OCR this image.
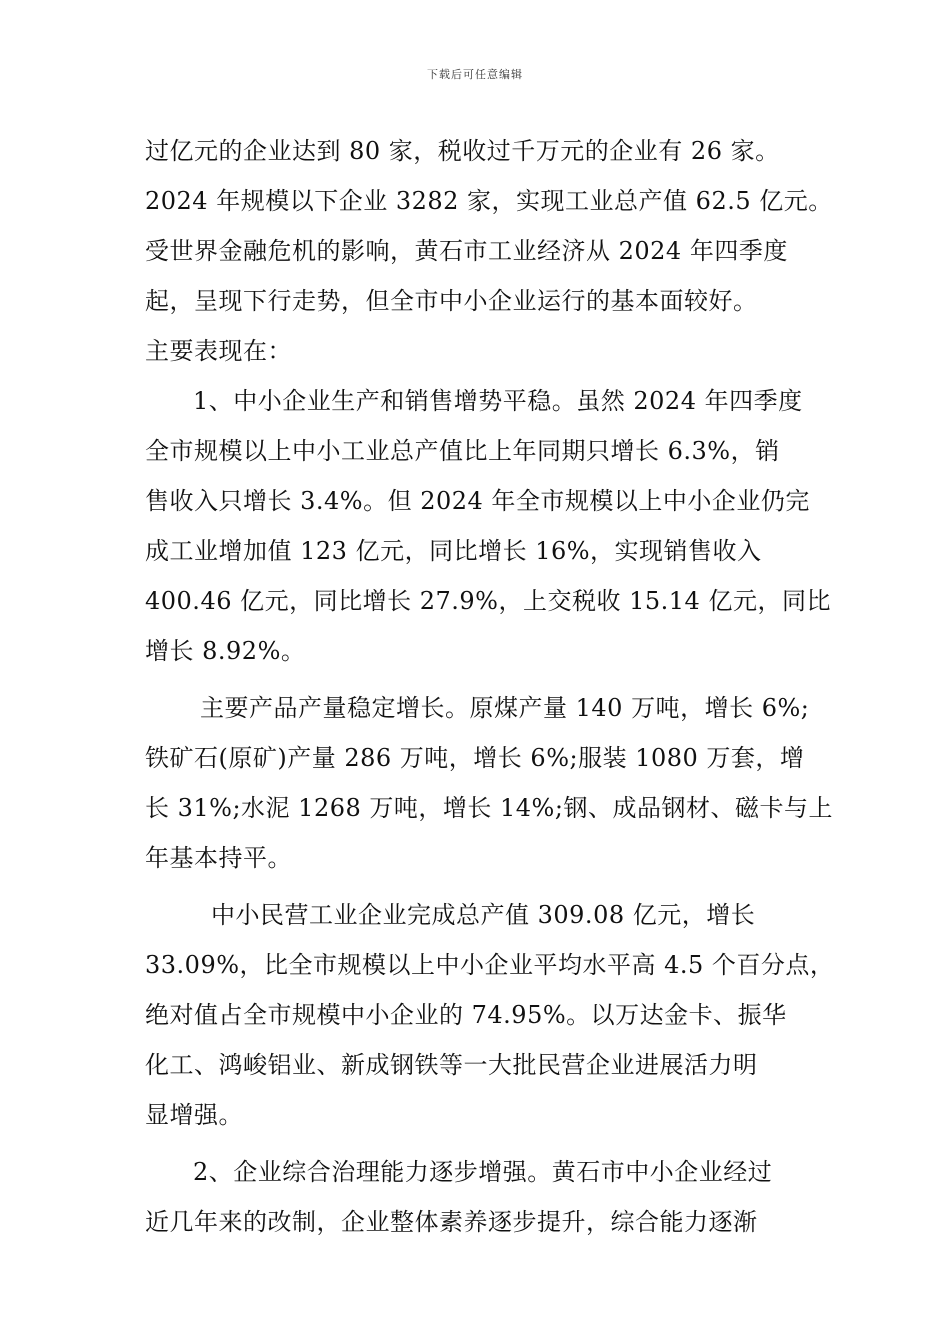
下载后可任意编辑
过亿元的企业达到 80 家，税收过千万元的企业有 26 家。
2024 年规模以下企业 3282 家，实现工业总产值 62.5 亿元。
受世界金融危机的影响，黄石市工业经济从 2024 年四季度
起，呈现下行走势，但全市中小企业运行的基本面较好。
主要表现在：
1、中小企业生产和销售增势平稳。虽然 2024 年四季度
全市规模以上中小工业总产值比上年同期只增长 6.3%，销
售收入只增长 3.4%。但 2024 年全市规模以上中小企业仍完
成工业增加值 123 亿元，同比增长 16%，实现销售收入
400.46 亿元，同比增长 27.9%，上交税收 15.14 亿元，同比
增长 8.92%。
主要产品产量稳定增长。原煤产量 140 万吨，增长 6%;
铁矿石(原矿)产量 286 万吨，增长 6%;服装 1080 万套，增
长 31%;水泥 1268 万吨，增长 14%;钢、成品钢材、磁卡与上
年基本持平。
中小民营工业企业完成总产值 309.08 亿元，增长
33.09%，比全市规模以上中小企业平均水平高 4.5 个百分点，
绝对值占全市规模中小企业的 74.95%。以万达金卡、振华
化工、鸿峻铝业、新成钢铁等一大批民营企业进展活力明
显增强。
2、企业综合治理能力逐步增强。黄石市中小企业经过
近几年来的改制，企业整体素养逐步提升，综合能力逐渐
